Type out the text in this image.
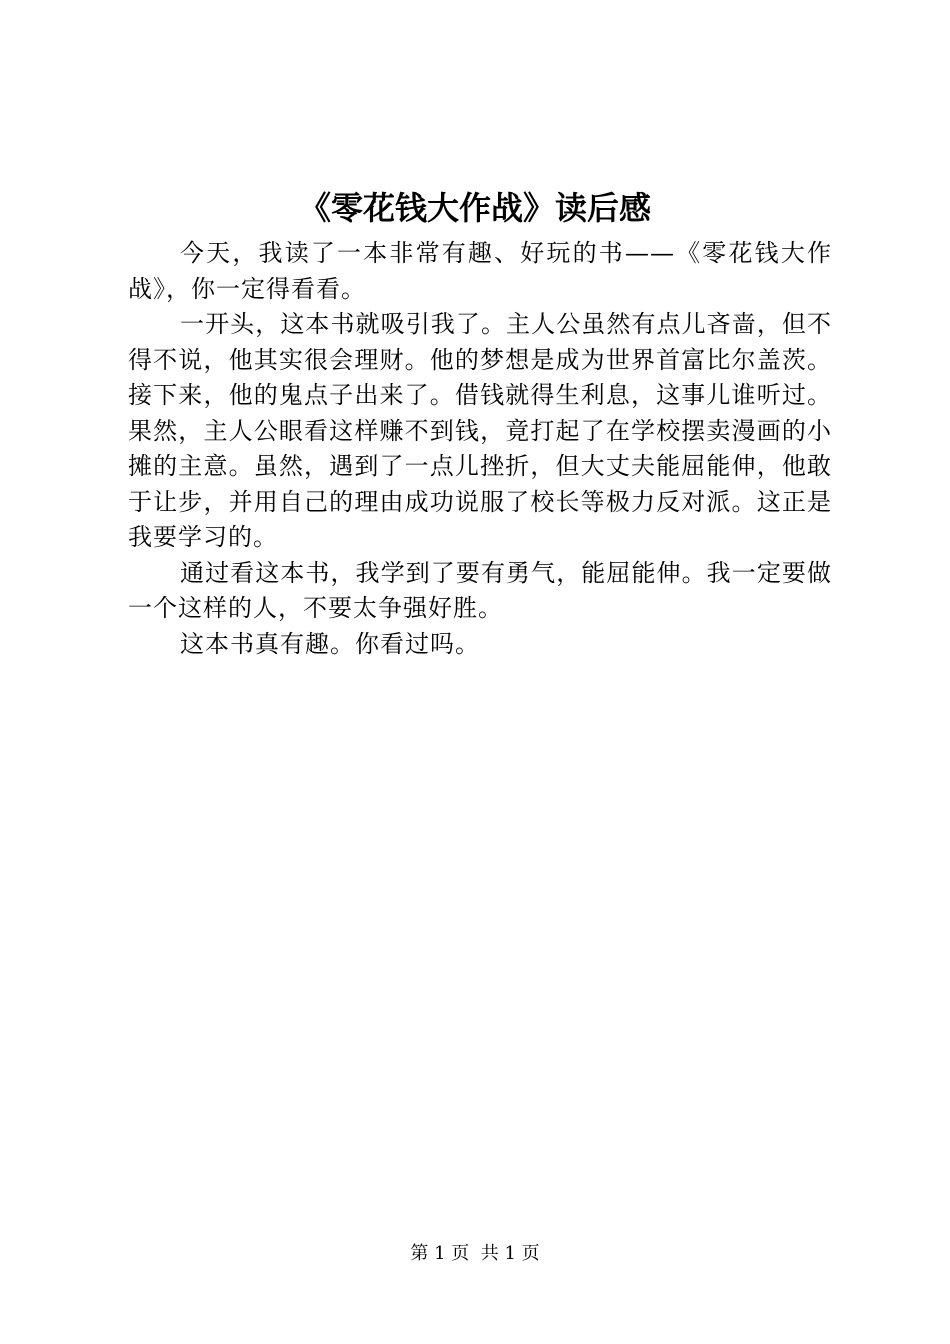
《零花钱大作战》读后感

今天，我读了一本非常有趣、好玩的书——《零花钱大作战》，你一定得看看。

一开头，这本书就吸引我了。主人公虽然有点儿吝啬，但不得不说，他其实很会理财。他的梦想是成为世界首富比尔盖茨。接下来，他的鬼点子出来了。借钱就得生利息，这事儿谁听过。果然，主人公眼看这样赚不到钱，竟打起了在学校摆卖漫画的小摊的主意。虽然，遇到了一点儿挫折，但大丈夫能屈能伸，他敢于让步，并用自己的理由成功说服了校长等极力反对派。这正是我要学习的。

通过看这本书，我学到了要有勇气，能屈能伸。我一定要做一个这样的人，不要太争强好胜。

这本书真有趣。你看过吗。

第 1 页 共 1 页
